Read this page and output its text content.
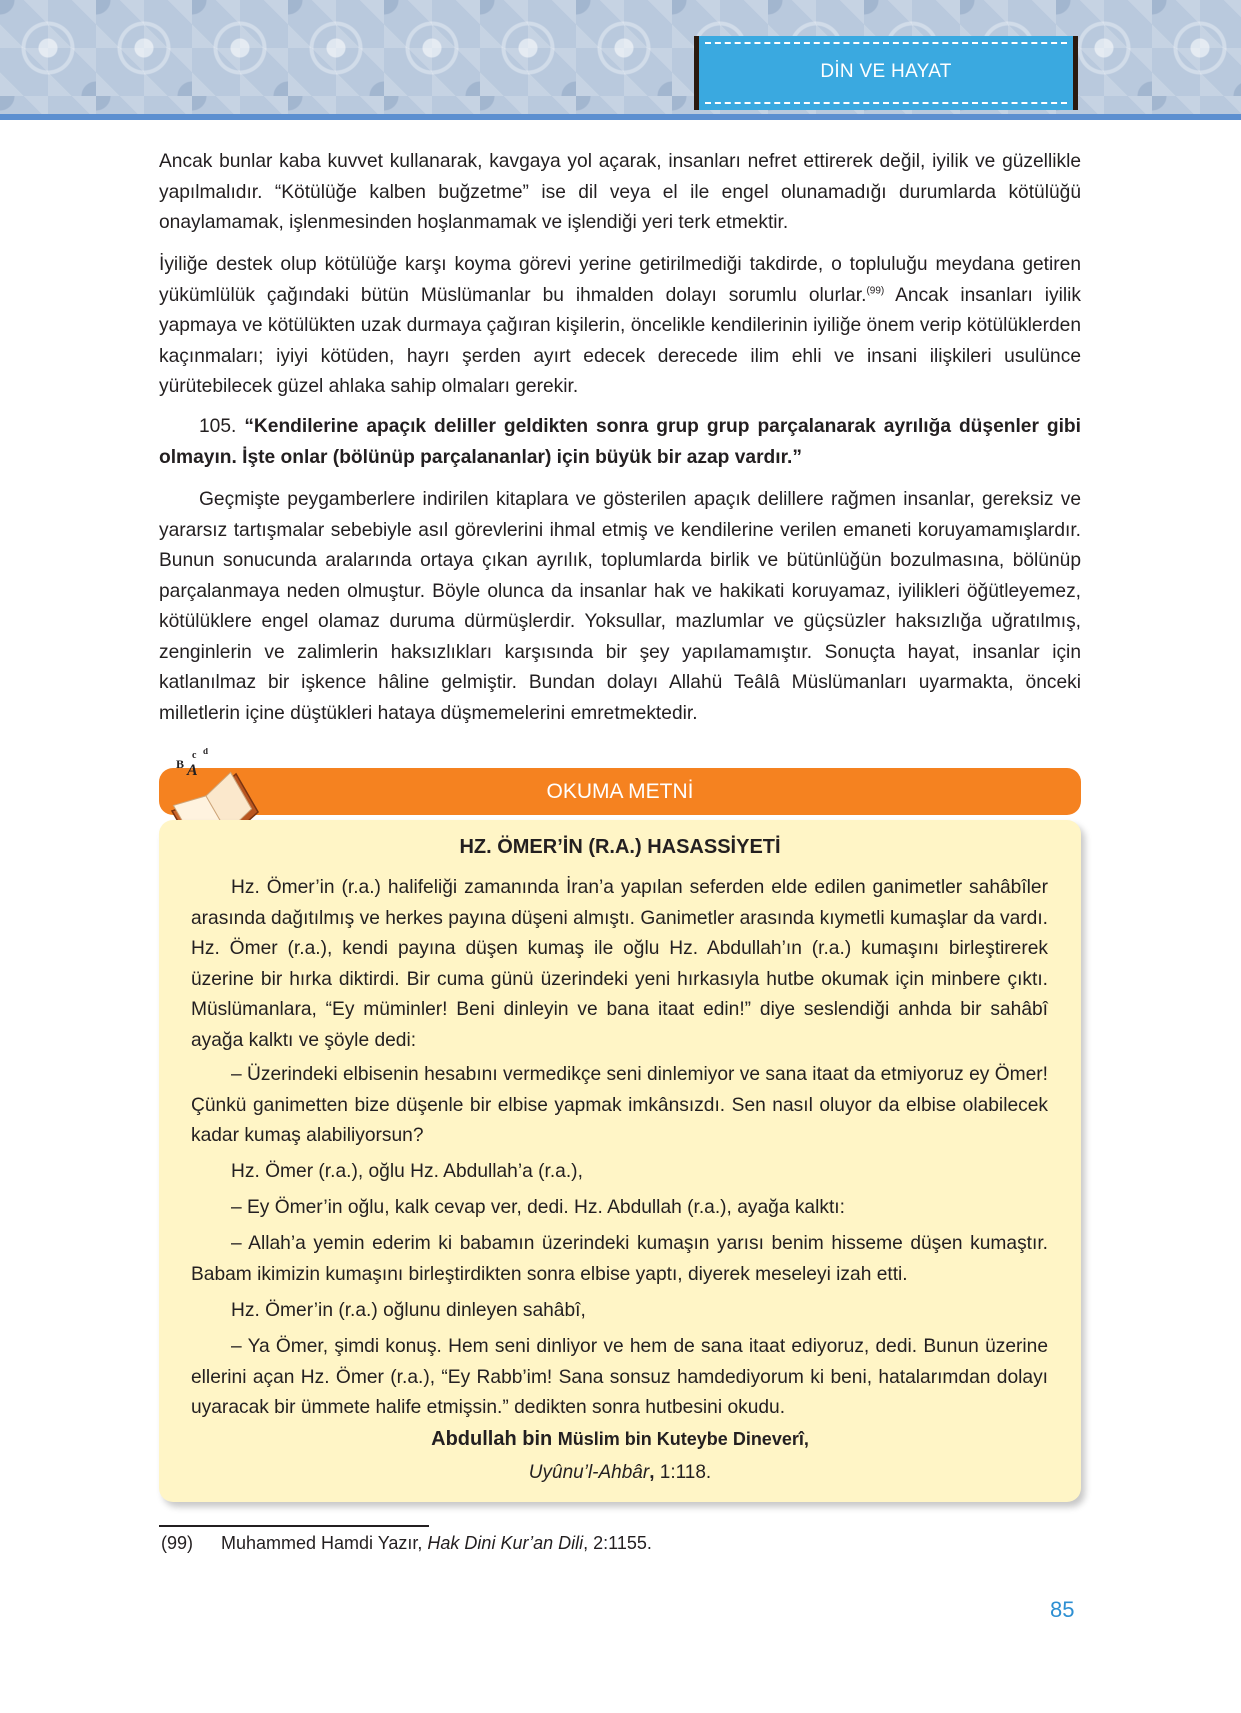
DİN VE HAYAT

Ancak bunlar kaba kuvvet kullanarak, kavgaya yol açarak, insanları nefret ettirerek değil, iyilik ve güzellikle yapılmalıdır. “Kötülüğe kalben buğzetme” ise dil veya el ile engel olunamadığı durumlarda kötülüğü onaylamamak, işlenmesinden hoşlanmamak ve işlendiği yeri terk etmektir.

İyiliğe destek olup kötülüğe karşı koyma görevi yerine getirilmediği takdirde, o topluluğu meydana getiren yükümlülük çağındaki bütün Müslümanlar bu ihmalden dolayı sorumlu olurlar.$^{(99)}$ Ancak insanları iyilik yapmaya ve kötülükten uzak durmaya çağıran kişilerin, öncelikle kendilerinin iyiliğe önem verip kötülüklerden kaçınmaları; iyiyi kötüden, hayrı şerden ayırt edecek derecede ilim ehli ve insani ilişkileri usulünce yürütebilecek güzel ahlaka sahip olmaları gerekir.

105. “Kendilerine apaçık deliller geldikten sonra grup grup parçalanarak ayrılığa düşenler gibi olmayın. İşte onlar (bölünüp parçalananlar) için büyük bir azap vardır.”

Geçmişte peygamberlere indirilen kitaplara ve gösterilen apaçık delillere rağmen insanlar, gereksiz ve yararsız tartışmalar sebebiyle asıl görevlerini ihmal etmiş ve kendilerine verilen emaneti koruyamamışlardır. Bunun sonucunda aralarında ortaya çıkan ayrılık, toplumlarda birlik ve bütünlüğün bozulmasına, bölünüp parçalanmaya neden olmuştur. Böyle olunca da insanlar hak ve hakikati koruyamaz, iyilikleri öğütleyemez, kötülüklere engel olamaz duruma dürmüşlerdir. Yoksullar, mazlumlar ve güçsüzler haksızlığa uğratılmış, zenginlerin ve zalimlerin haksızlıkları karşısında bir şey yapılamamıştır. Sonuçta hayat, insanlar için katlanılmaz bir işkence hâline gelmiştir. Bundan dolayı Allahü Teâlâ Müslümanları uyarmakta, önceki milletlerin içine düştükleri hataya düşmemelerini emretmektedir.

OKUMA METNİ
B A
c d

HZ. ÖMER’İN (R.A.) HASASSİYETİ

Hz. Ömer’in (r.a.) halifeliği zamanında İran’a yapılan seferden elde edilen ganimetler sahâbîler arasında dağıtılmış ve herkes payına düşeni almıştı. Ganimetler arasında kıymetli kumaşlar da vardı. Hz. Ömer (r.a.), kendi payına düşen kumaş ile oğlu Hz. Abdullah’ın (r.a.) kumaşını birleştirerek üzerine bir hırka diktirdi. Bir cuma günü üzerindeki yeni hırkasıyla hutbe okumak için minbere çıktı. Müslümanlara, “Ey müminler! Beni dinleyin ve bana itaat edin!” diye seslendiği anhda bir sahâbî ayağa kalktı ve şöyle dedi:

– Üzerindeki elbisenin hesabını vermedikçe seni dinlemiyor ve sana itaat da etmiyoruz ey Ömer! Çünkü ganimetten bize düşenle bir elbise yapmak imkânsızdı. Sen nasıl oluyor da elbise olabilecek kadar kumaş alabiliyorsun?

Hz. Ömer (r.a.), oğlu Hz. Abdullah’a (r.a.),

– Ey Ömer’in oğlu, kalk cevap ver, dedi. Hz. Abdullah (r.a.), ayağa kalktı:

– Allah’a yemin ederim ki babamın üzerindeki kumaşın yarısı benim hisseme düşen kumaştır. Babam ikimizin kumaşını birleştirdikten sonra elbise yaptı, diyerek meseleyi izah etti.

Hz. Ömer’in (r.a.) oğlunu dinleyen sahâbî,

– Ya Ömer, şimdi konuş. Hem seni dinliyor ve hem de sana itaat ediyoruz, dedi. Bunun üzerine ellerini açan Hz. Ömer (r.a.), “Ey Rabb’im! Sana sonsuz hamdediyorum ki beni, hatalarımdan dolayı uyaracak bir ümmete halife etmişsin.” dedikten sonra hutbesini okudu.

Abdullah bin Müslim bin Kuteybe Dineverî,

Uyûnu’l-Ahbâr, 1:118.

(99) Muhammed Hamdi Yazır, Hak Dini Kur’an Dili, 2:1155.

85
